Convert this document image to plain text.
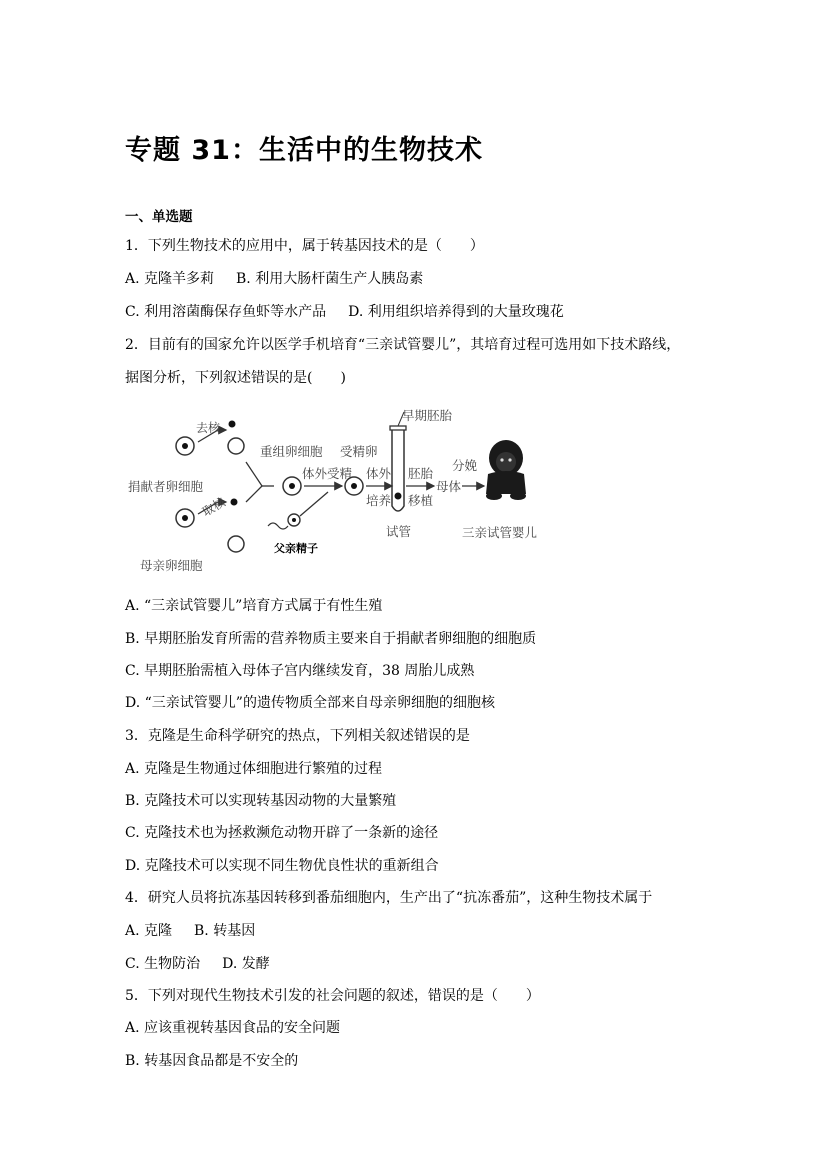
专题 31：生活中的生物技术
一、单选题
1．下列生物技术的应用中，属于转基因技术的是（　　）
A. 克隆羊多莉 B. 利用大肠杆菌生产人胰岛素
C. 利用溶菌酶保存鱼虾等水产品 D. 利用组织培养得到的大量玫瑰花
2．目前有的国家允许以医学手机培育“三亲试管婴儿”，其培育过程可选用如下技术路线，
据图分析，下列叙述错误的是(　　)
去核
捐献者卵细胞
取核
母亲卵细胞
重组卵细胞
体外受精
父亲精子
受精卵
体外
培养
早期胚胎
试管
胚胎
移植
母体
分娩
三亲试管婴儿
A. “三亲试管婴儿”培育方式属于有性生殖
B. 早期胚胎发育所需的营养物质主要来自于捐献者卵细胞的细胞质
C. 早期胚胎需植入母体子宫内继续发育，38 周胎儿成熟
D. “三亲试管婴儿”的遗传物质全部来自母亲卵细胞的细胞核
3．克隆是生命科学研究的热点，下列相关叙述错误的是
A. 克隆是生物通过体细胞进行繁殖的过程
B. 克隆技术可以实现转基因动物的大量繁殖
C. 克隆技术也为拯救濒危动物开辟了一条新的途径
D. 克隆技术可以实现不同生物优良性状的重新组合
4．研究人员将抗冻基因转移到番茄细胞内，生产出了“抗冻番茄”，这种生物技术属于
A. 克隆 B. 转基因
C. 生物防治 D. 发酵
5．下列对现代生物技术引发的社会问题的叙述，错误的是（　　）
A. 应该重视转基因食品的安全问题
B. 转基因食品都是不安全的
